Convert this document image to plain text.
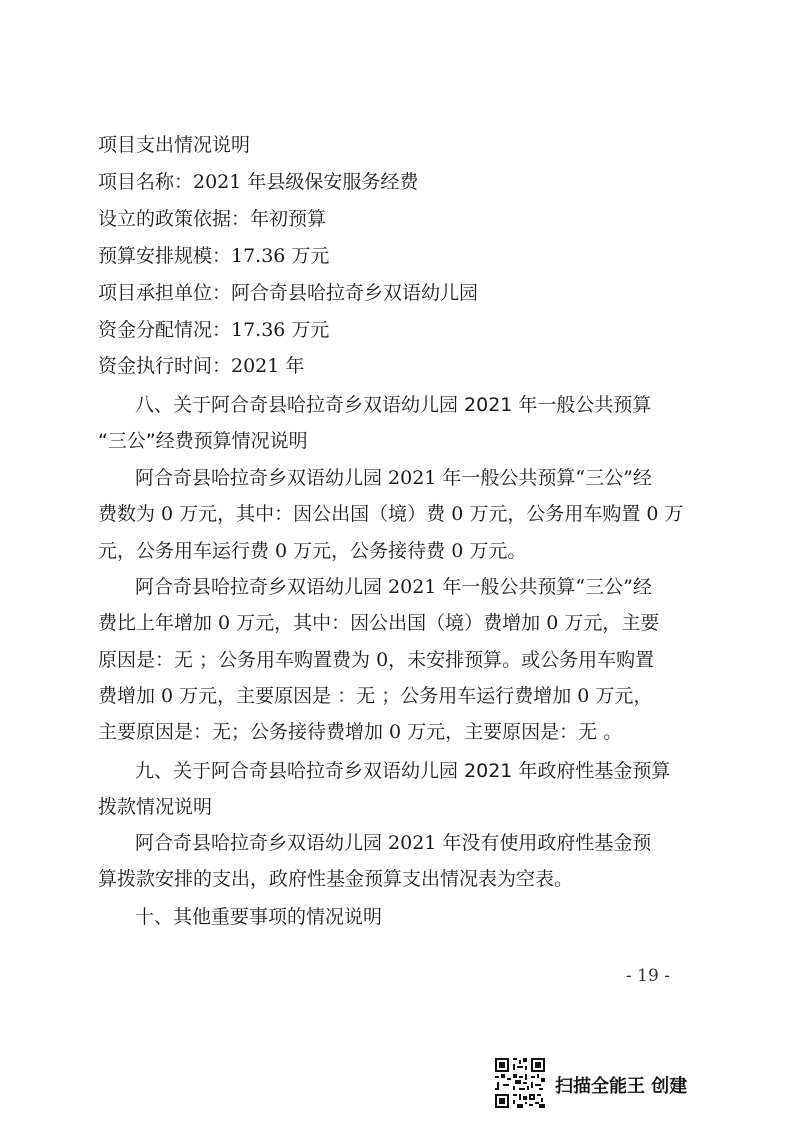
项目支出情况说明
项目名称：2021 年县级保安服务经费
设立的政策依据：年初预算
预算安排规模：17.36 万元
项目承担单位：阿合奇县哈拉奇乡双语幼儿园
资金分配情况：17.36 万元
资金执行时间：2021 年
八、关于阿合奇县哈拉奇乡双语幼儿园 2021 年一般公共预算
“三公”经费预算情况说明
阿合奇县哈拉奇乡双语幼儿园 2021 年一般公共预算“三公”经
费数为 0 万元，其中：因公出国（境）费 0 万元，公务用车购置 0 万
元，公务用车运行费 0 万元，公务接待费 0 万元。
阿合奇县哈拉奇乡双语幼儿园 2021 年一般公共预算“三公”经
费比上年增加 0 万元，其中：因公出国（境）费增加 0 万元，主要
原因是：无 ；公务用车购置费为 0，未安排预算。或公务用车购置
费增加 0 万元，主要原因是 ：无 ；公务用车运行费增加 0 万元，
主要原因是：无；公务接待费增加 0 万元，主要原因是：无 。
九、关于阿合奇县哈拉奇乡双语幼儿园 2021 年政府性基金预算
拨款情况说明
阿合奇县哈拉奇乡双语幼儿园 2021 年没有使用政府性基金预
算拨款安排的支出，政府性基金预算支出情况表为空表。
十、其他重要事项的情况说明
- 19 -
扫描全能王 创建
